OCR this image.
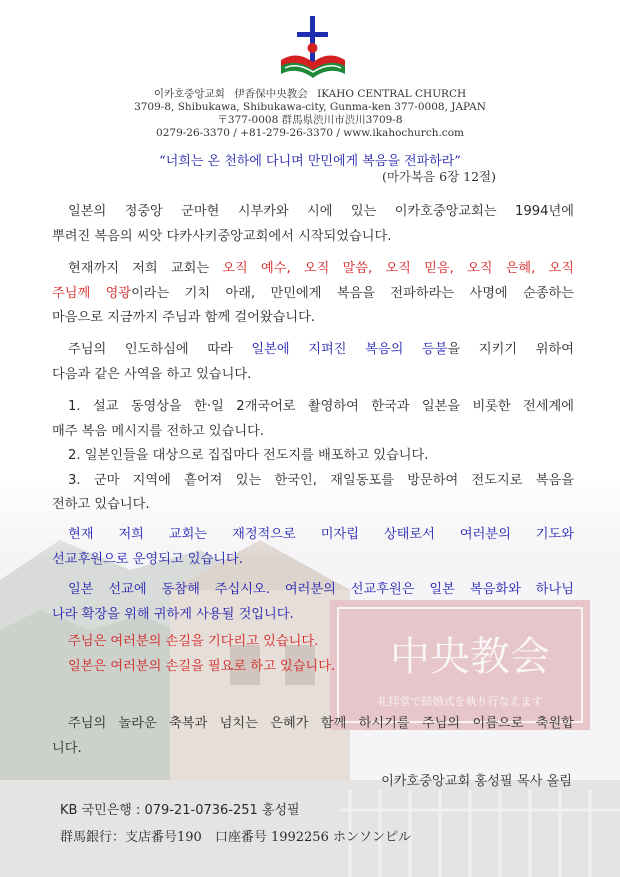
이카호중앙교회 伊香保中央教会 IKAHO CENTRAL CHURCH
3709-8, Shibukawa, Shibukawa-city, Gunma-ken 377-0008, JAPAN
〒377-0008 群馬県渋川市渋川3709-8
0279-26-3370 / +81-279-26-3370 / www.ikahochurch.com
“너희는 온 천하에 다니며 만민에게 복음을 전파하라”
(마가복음 6장 12절)
일본의 정중앙 군마현 시부카와 시에 있는 이카호중앙교회는 1994년에
뿌려진 복음의 씨앗 다카사키중앙교회에서 시작되었습니다.
현재까지 저희 교회는 오직 예수, 오직 말씀, 오직 믿음, 오직 은혜, 오직
주님께 영광이라는 기치 아래, 만민에게 복음을 전파하라는 사명에 순종하는
마음으로 지금까지 주님과 함께 걸어왔습니다.
주님의 인도하심에 따라 일본에 지펴진 복음의 등불을 지키기 위하여
다음과 같은 사역을 하고 있습니다.
1. 설교 동영상을 한·일 2개국어로 촬영하여 한국과 일본을 비롯한 전세계에
매주 복음 메시지를 전하고 있습니다.
2. 일본인들을 대상으로 집집마다 전도지를 배포하고 있습니다.
3. 군마 지역에 흩어져 있는 한국인, 재일동포를 방문하여 전도지로 복음을
전하고 있습니다.
현재 저희 교회는 재정적으로 미자립 상태로서 여러분의 기도와
선교후원으로 운영되고 있습니다.
일본 선교에 동참해 주십시오. 여러분의 선교후원은 일본 복음화와 하나님
나라 확장을 위해 귀하게 사용될 것입니다.
주님은 여러분의 손길을 기다리고 있습니다.
일본은 여러분의 손길을 필요로 하고 있습니다.
주님의 놀라운 축복과 넘치는 은혜가 함께 하시기를 주님의 이름으로 축원합
니다.
이카호중앙교회 홍성필 목사 올림
KB 국민은행 : 079-21-0736-251 홍성필
群馬銀行：支店番号190　口座番号 1992256 ホンソンピル
